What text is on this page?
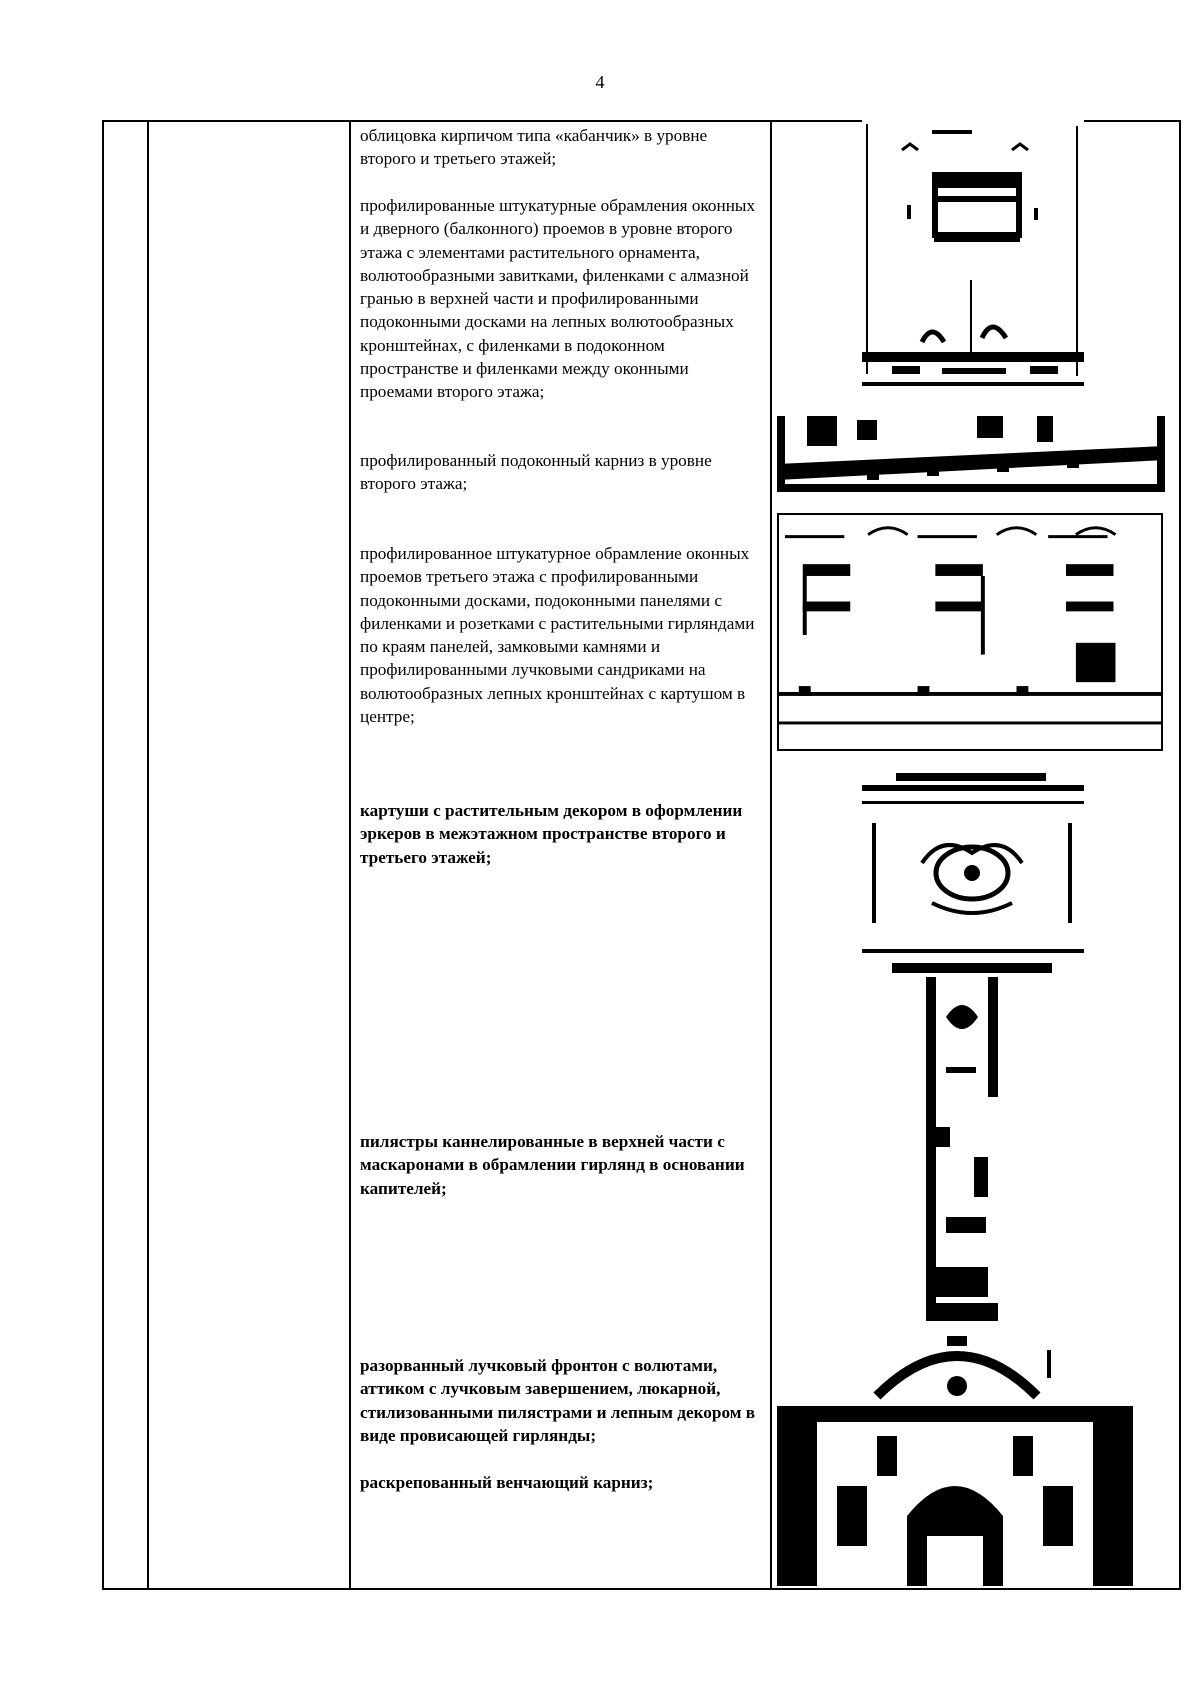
4
облицовка кирпичом типа «кабанчик» в уровне второго и третьего этажей;
профилированные штукатурные обрамления оконных и дверного (балконного) проемов в уровне второго этажа с элементами растительного орнамента, волютообразными завитками, филенками с алмазной гранью в верхней части и профилированными подоконными досками на лепных волютообразных кронштейнах, с филенками в подоконном пространстве и филенками между оконными проемами второго этажа;
профилированный подоконный карниз в уровне второго этажа;
профилированное штукатурное обрамление оконных проемов третьего этажа с профилированными подоконными досками, подоконными панелями с филенками и розетками с растительными гирляндами по краям панелей, замковыми камнями и профилированными лучковыми сандриками на волютообразных лепных кронштейнах с картушом в центре;
картуши с растительным декором в оформлении эркеров в межэтажном пространстве второго и третьего этажей;
пилястры каннелированные в верхней части с маскаронами в обрамлении гирлянд в основании капителей;
разорванный лучковый фронтон с волютами, аттиком с лучковым завершением, люкарной, стилизованными пилястрами и лепным декором в виде провисающей гирлянды;
раскрепованный венчающий карниз;
